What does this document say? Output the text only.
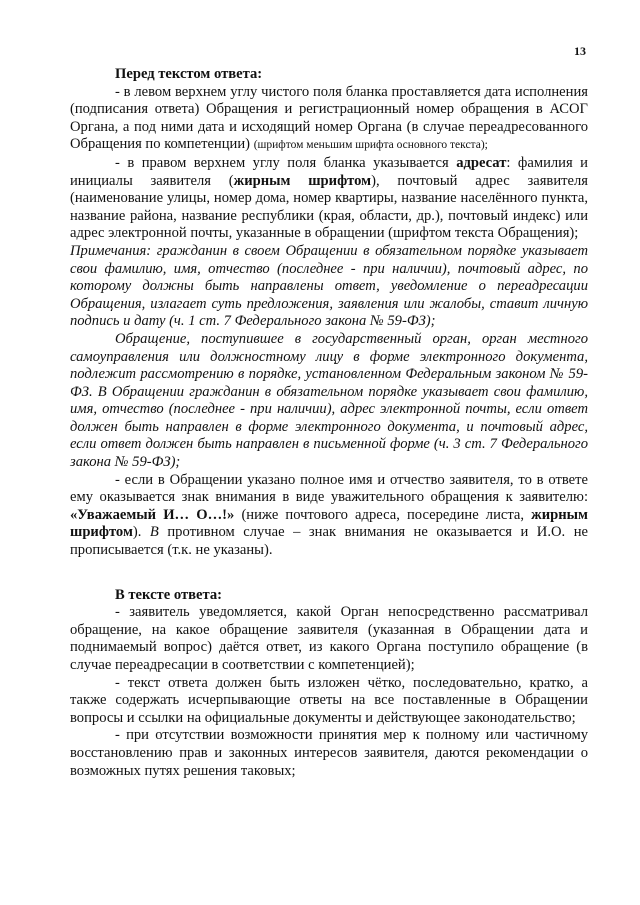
13

Перед текстом ответа:

- в левом верхнем углу чистого поля бланка проставляется дата исполнения (подписания ответа) Обращения и регистрационный номер обращения в АСОГ Органа, а под ними дата и исходящий номер Органа (в случае переадресованного Обращения по компетенции) (шрифтом меньшим шрифта основного текста);

- в правом верхнем углу поля бланка указывается адресат: фамилия и инициалы заявителя (жирным шрифтом), почтовый адрес заявителя (наименование улицы, номер дома, номер квартиры, название населённого пункта, название района, название республики (края, области, др.), почтовый индекс) или адрес электронной почты, указанные в обращении (шрифтом текста Обращения);

Примечания: гражданин в своем Обращении в обязательном порядке указывает свои фамилию, имя, отчество (последнее - при наличии), почтовый адрес, по которому должны быть направлены ответ, уведомление о переадресации Обращения, излагает суть предложения, заявления или жалобы, ставит личную подпись и дату (ч. 1 ст. 7 Федерального закона № 59-ФЗ);

Обращение, поступившее в государственный орган, орган местного самоуправления или должностному лицу в форме электронного документа, подлежит рассмотрению в порядке, установленном Федеральным законом № 59-ФЗ. В Обращении гражданин в обязательном порядке указывает свои фамилию, имя, отчество (последнее - при наличии), адрес электронной почты, если ответ должен быть направлен в форме электронного документа, и почтовый адрес, если ответ должен быть направлен в письменной форме (ч. 3 ст. 7 Федерального закона № 59-ФЗ);

- если в Обращении указано полное имя и отчество заявителя, то в ответе ему оказывается знак внимания в виде уважительного обращения к заявителю: «Уважаемый И… О…!» (ниже почтового адреса, посередине листа, жирным шрифтом). В противном случае – знак внимания не оказывается и И.О. не прописывается (т.к. не указаны).

В тексте ответа:

- заявитель уведомляется, какой Орган непосредственно рассматривал обращение, на какое обращение заявителя (указанная в Обращении дата и поднимаемый вопрос) даётся ответ, из какого Органа поступило обращение (в случае переадресации в соответствии с компетенцией);

- текст ответа должен быть изложен чётко, последовательно, кратко, а также содержать исчерпывающие ответы на все поставленные в Обращении вопросы и ссылки на официальные документы и действующее законодательство;

- при отсутствии возможности принятия мер к полному или частичному восстановлению прав и законных интересов заявителя, даются рекомендации о возможных путях решения таковых;
